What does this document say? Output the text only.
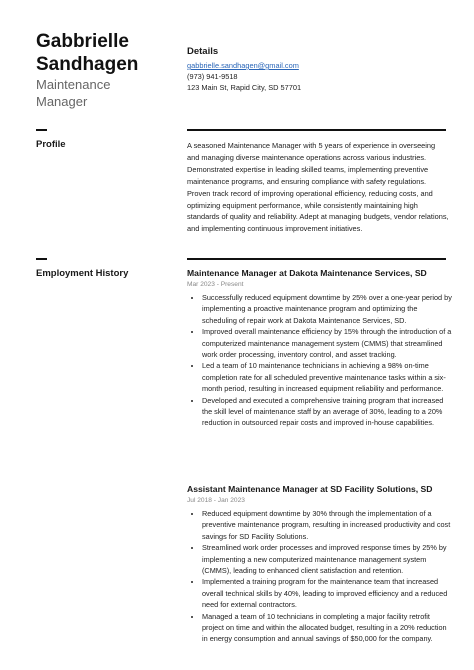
Gabbrielle Sandhagen
Maintenance Manager
Details
gabbrielle.sandhagen@gmail.com
(973) 941-9518
123 Main St, Rapid City, SD 57701
Profile	A seasoned Maintenance Manager with 5 years of experience in overseeing and managing diverse maintenance operations across various industries. Demonstrated expertise in leading skilled teams, implementing preventive maintenance programs, and ensuring compliance with safety regulations. Proven track record of improving operational efficiency, reducing costs, and optimizing equipment performance, while consistently maintaining high standards of quality and reliability. Adept at managing budgets, vendor relations, and implementing continuous improvement initiatives.
Employment History	Maintenance Manager at Dakota Maintenance Services, SD
Mar 2023 - Present
• Successfully reduced equipment downtime by 25% over a one-year period by implementing a proactive maintenance program and optimizing the scheduling of repair work at Dakota Maintenance Services, SD.
• Improved overall maintenance efficiency by 15% through the introduction of a computerized maintenance management system (CMMS) that streamlined work order processing, inventory control, and asset tracking.
• Led a team of 10 maintenance technicians in achieving a 98% on-time completion rate for all scheduled preventive maintenance tasks within a six-month period, resulting in increased equipment reliability and performance.
• Developed and executed a comprehensive training program that increased the skill level of maintenance staff by an average of 30%, leading to a 20% reduction in outsourced repair costs and improved in-house capabilities.
Assistant Maintenance Manager at SD Facility Solutions, SD
Jul 2018 - Jan 2023
• Reduced equipment downtime by 30% through the implementation of a preventive maintenance program, resulting in increased productivity and cost savings for SD Facility Solutions.
• Streamlined work order processes and improved response times by 25% by implementing a new computerized maintenance management system (CMMS), leading to enhanced client satisfaction and retention.
• Implemented a training program for the maintenance team that increased overall technical skills by 40%, leading to improved efficiency and a reduced need for external contractors.
• Managed a team of 10 technicians in completing a major facility retrofit project on time and within the allocated budget, resulting in a 20% reduction in energy consumption and annual savings of $50,000 for the company.
